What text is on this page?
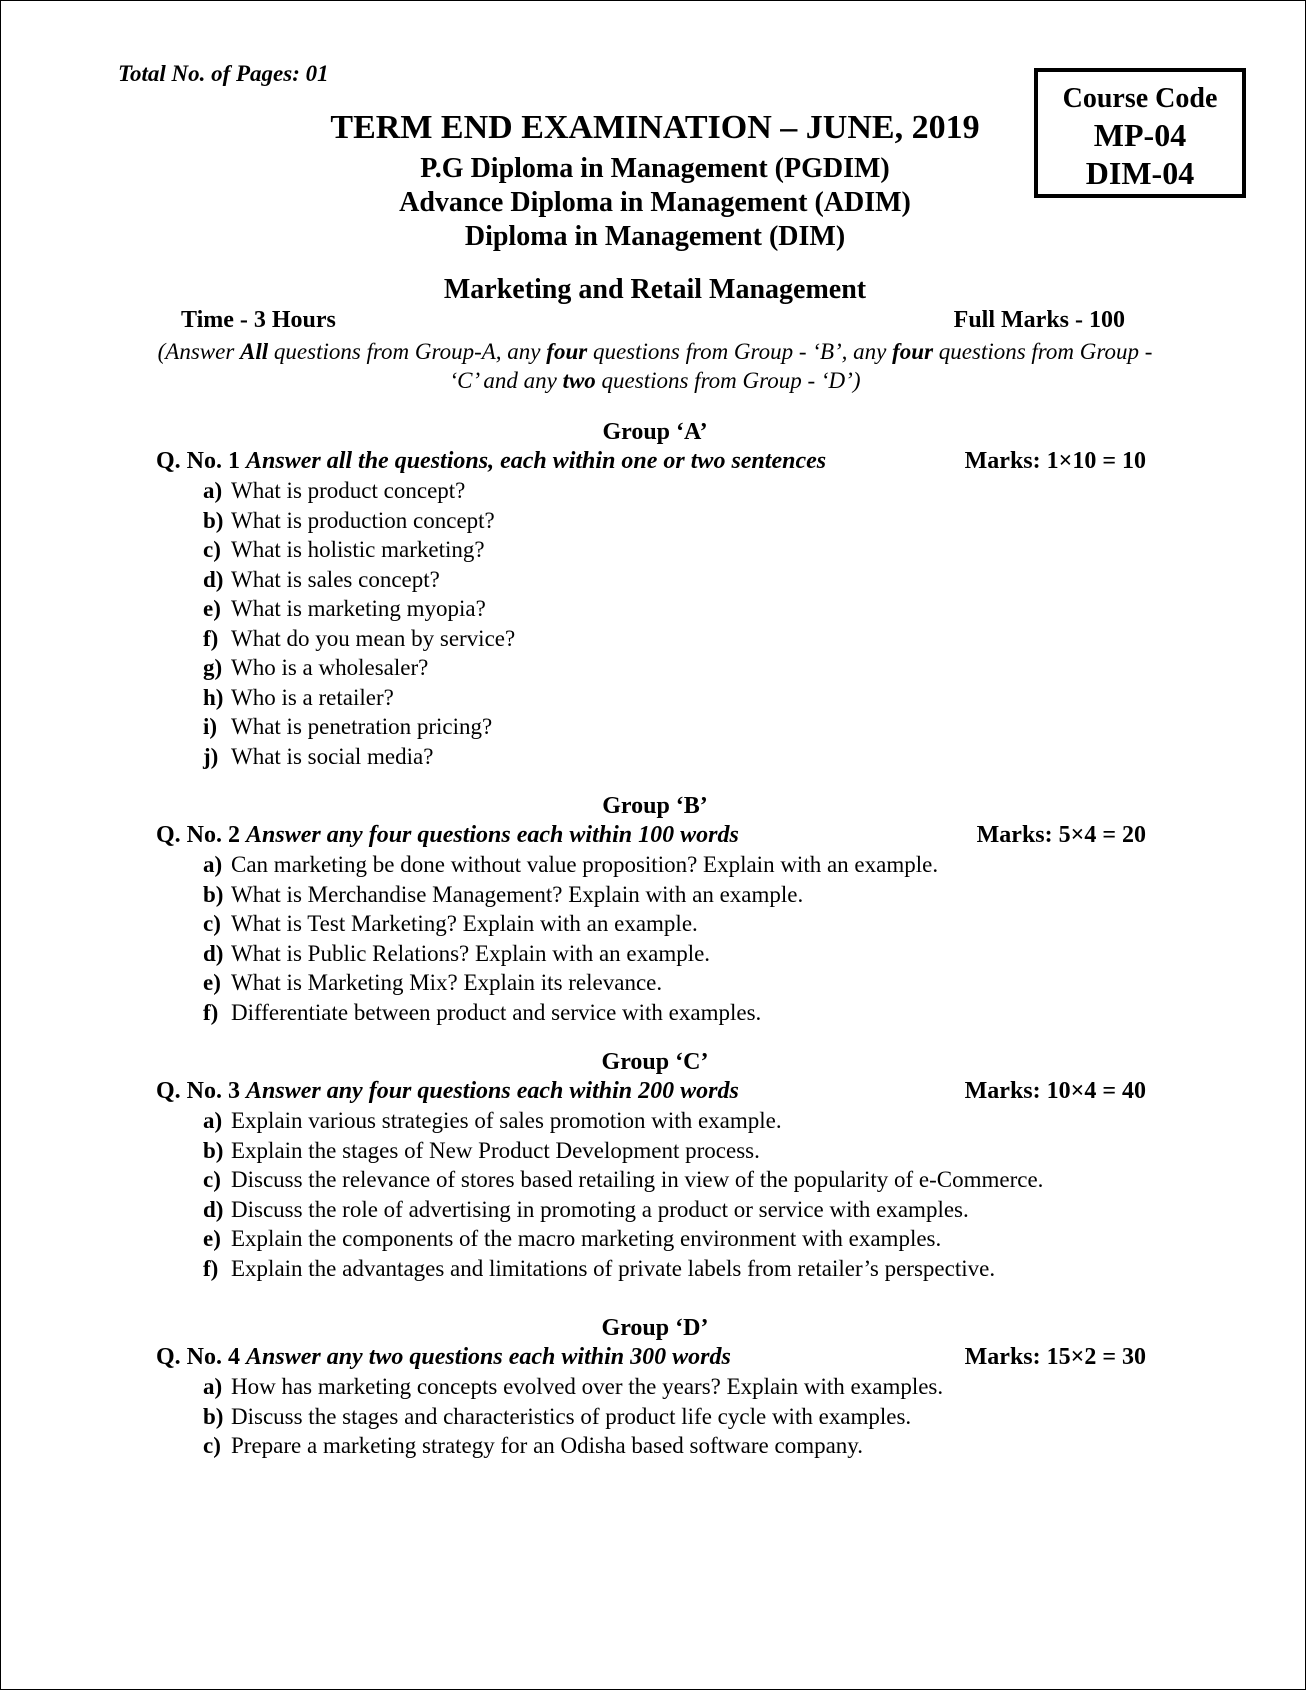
Total No. of Pages: 01
Course Code
MP-04
DIM-04
TERM END EXAMINATION – JUNE, 2019
P.G Diploma in Management (PGDIM)
Advance Diploma in Management (ADIM)
Diploma in Management (DIM)
Marketing and Retail Management
Time - 3 Hours	Full Marks - 100
(Answer All questions from Group-A, any four questions from Group - ‘B’, any four questions from Group - ‘C’ and any two questions from Group - ‘D’)
Group ‘A’
Q. No. 1 Answer all the questions, each within one or two sentences	Marks: 1×10 = 10
a) What is product concept?
b) What is production concept?
c) What is holistic marketing?
d) What is sales concept?
e) What is marketing myopia?
f) What do you mean by service?
g) Who is a wholesaler?
h) Who is a retailer?
i) What is penetration pricing?
j) What is social media?
Group ‘B’
Q. No. 2 Answer any four questions each within 100 words	Marks: 5×4 = 20
a) Can marketing be done without value proposition? Explain with an example.
b) What is Merchandise Management? Explain with an example.
c) What is Test Marketing? Explain with an example.
d) What is Public Relations? Explain with an example.
e) What is Marketing Mix? Explain its relevance.
f) Differentiate between product and service with examples.
Group ‘C’
Q. No. 3 Answer any four questions each within 200 words	Marks: 10×4 = 40
a) Explain various strategies of sales promotion with example.
b) Explain the stages of New Product Development process.
c) Discuss the relevance of stores based retailing in view of the popularity of e-Commerce.
d) Discuss the role of advertising in promoting a product or service with examples.
e) Explain the components of the macro marketing environment with examples.
f) Explain the advantages and limitations of private labels from retailer’s perspective.
Group ‘D’
Q. No. 4 Answer any two questions each within 300 words	Marks: 15×2 = 30
a) How has marketing concepts evolved over the years? Explain with examples.
b) Discuss the stages and characteristics of product life cycle with examples.
c) Prepare a marketing strategy for an Odisha based software company.
